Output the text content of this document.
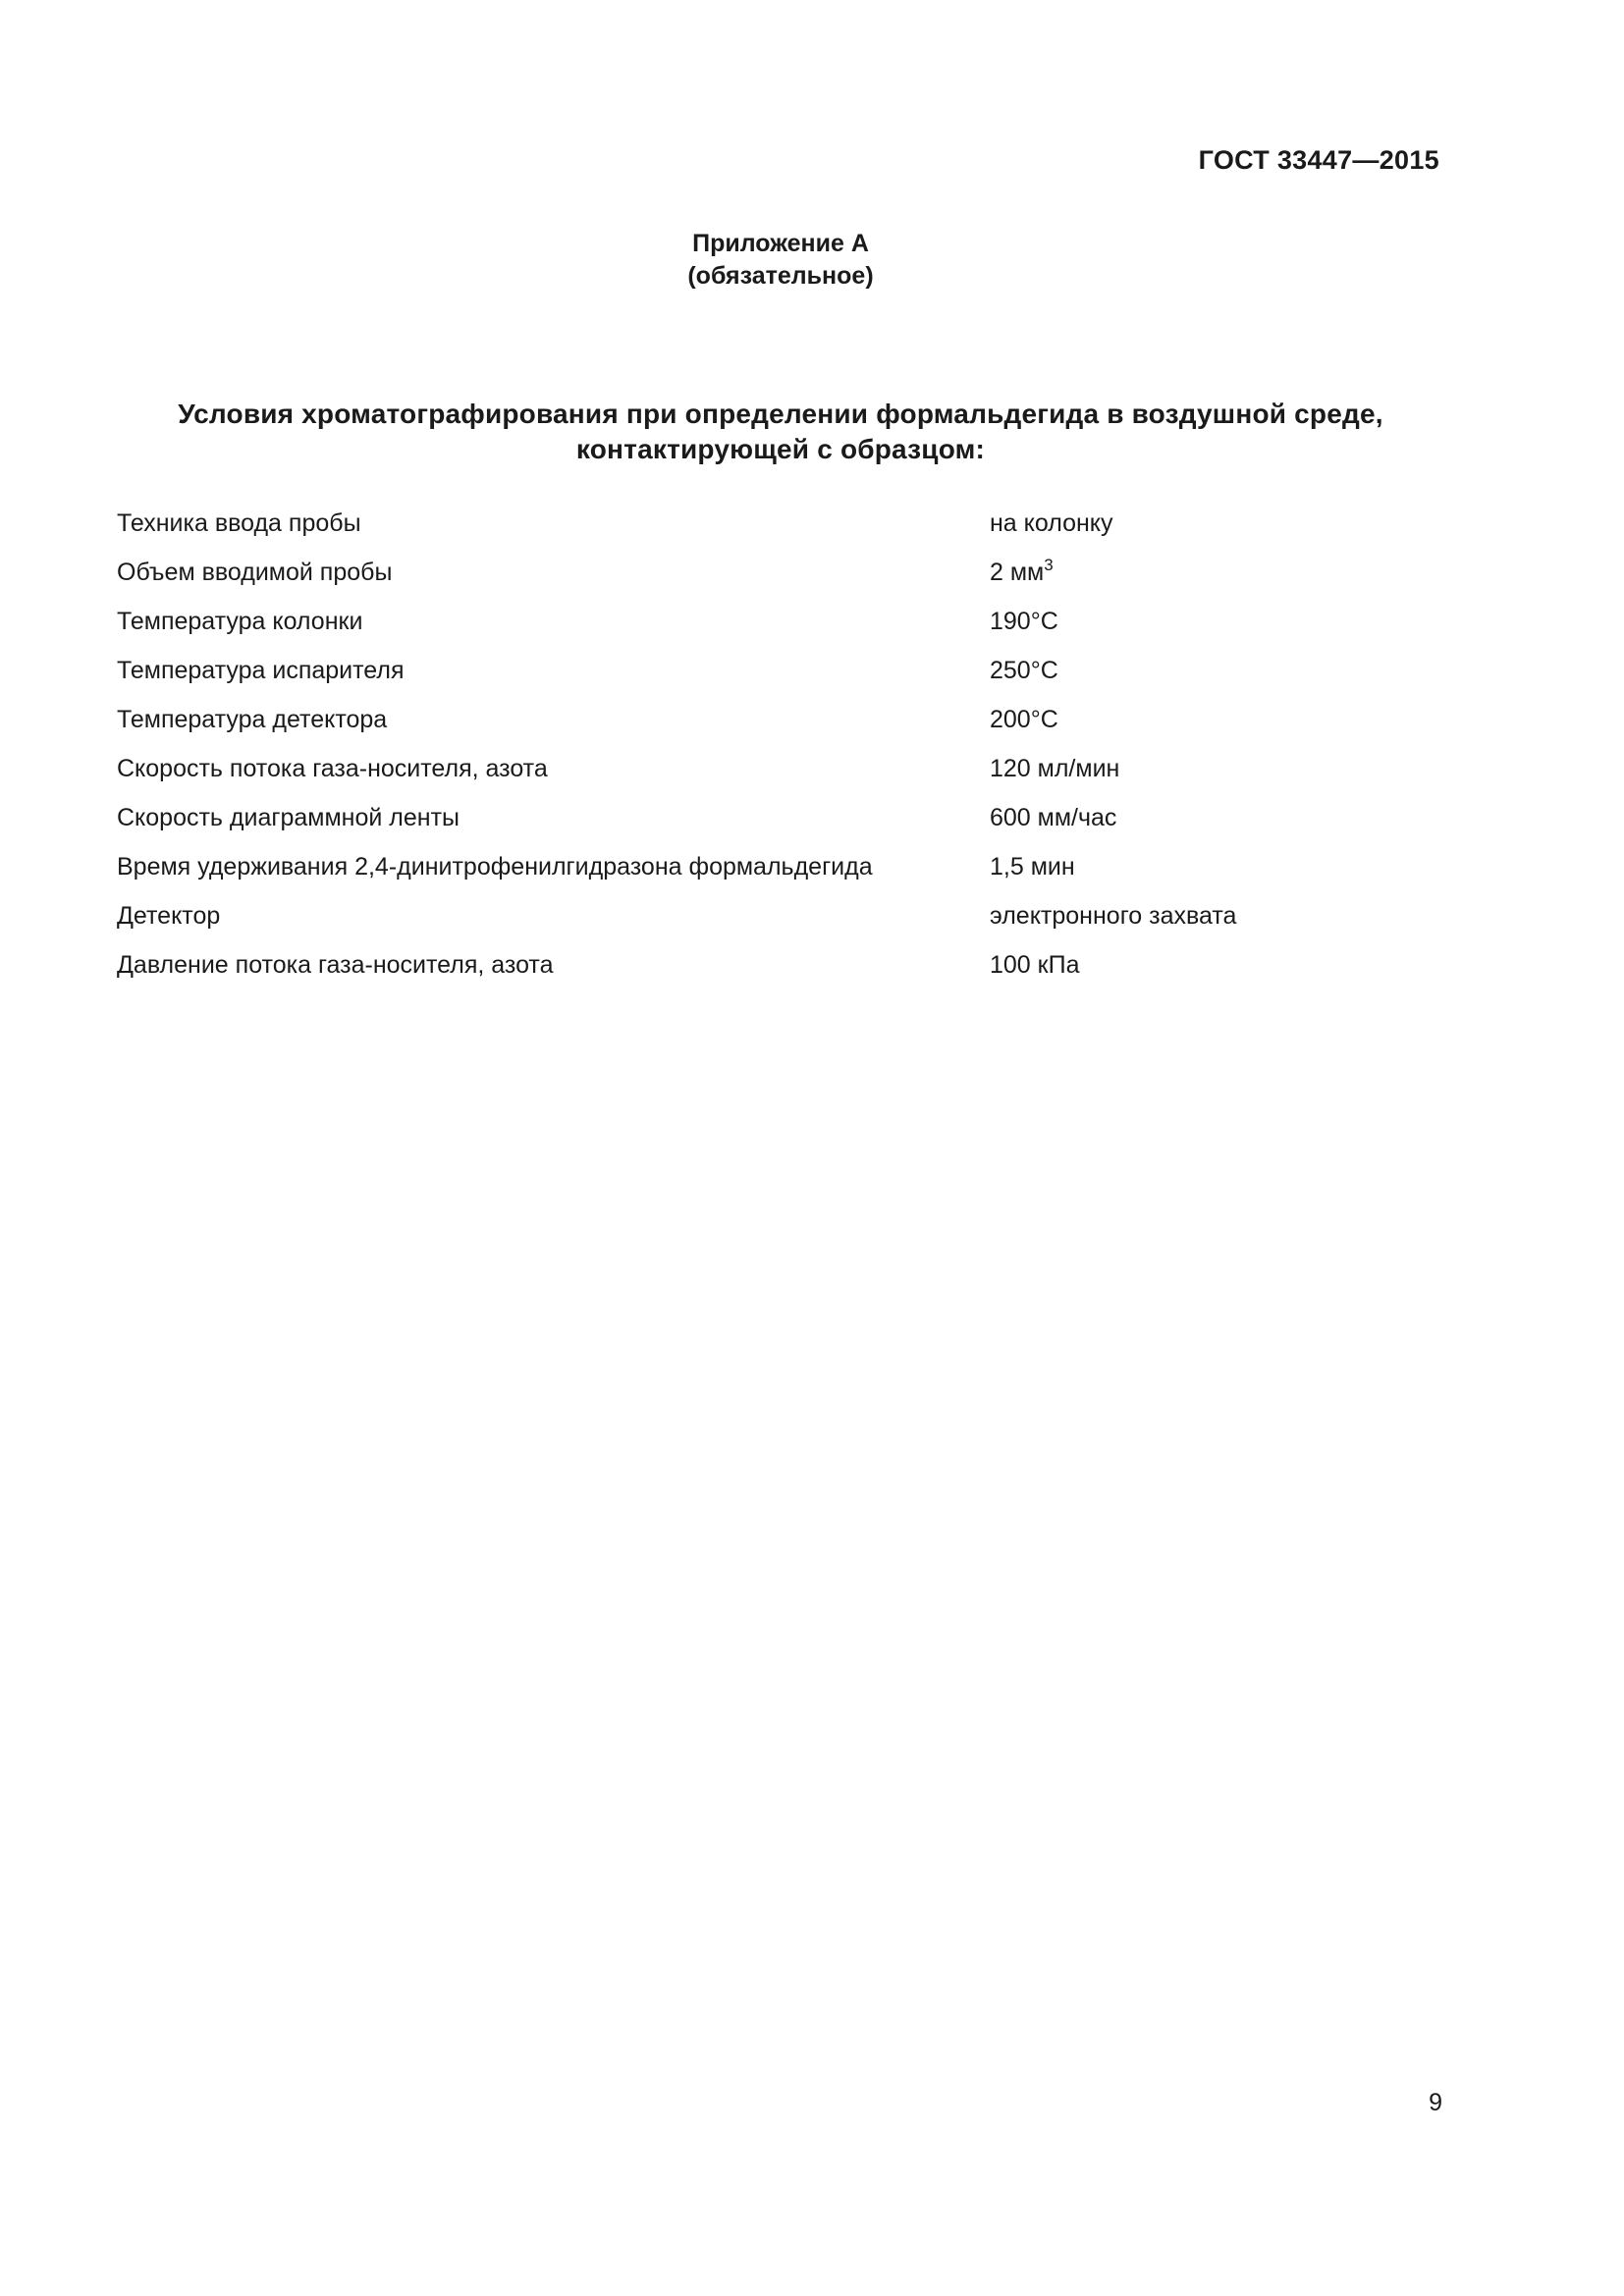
ГОСТ 33447—2015
Приложение А
(обязательное)
Условия хроматографирования при определении формальдегида в воздушной среде,
контактирующей с образцом:
Техника ввода пробы	на колонку
Объем вводимой пробы	2 $мм^3$
Температура колонки	190°С
Температура испарителя	250°С
Температура детектора	200°С
Скорость потока газа-носителя, азота	120 мл/мин
Скорость диаграммной ленты	600 мм/час
Время удерживания 2,4-динитрофенилгидразона формальдегида	1,5 мин
Детектор	электронного захвата
Давление потока газа-носителя, азота	100 кПа
9
